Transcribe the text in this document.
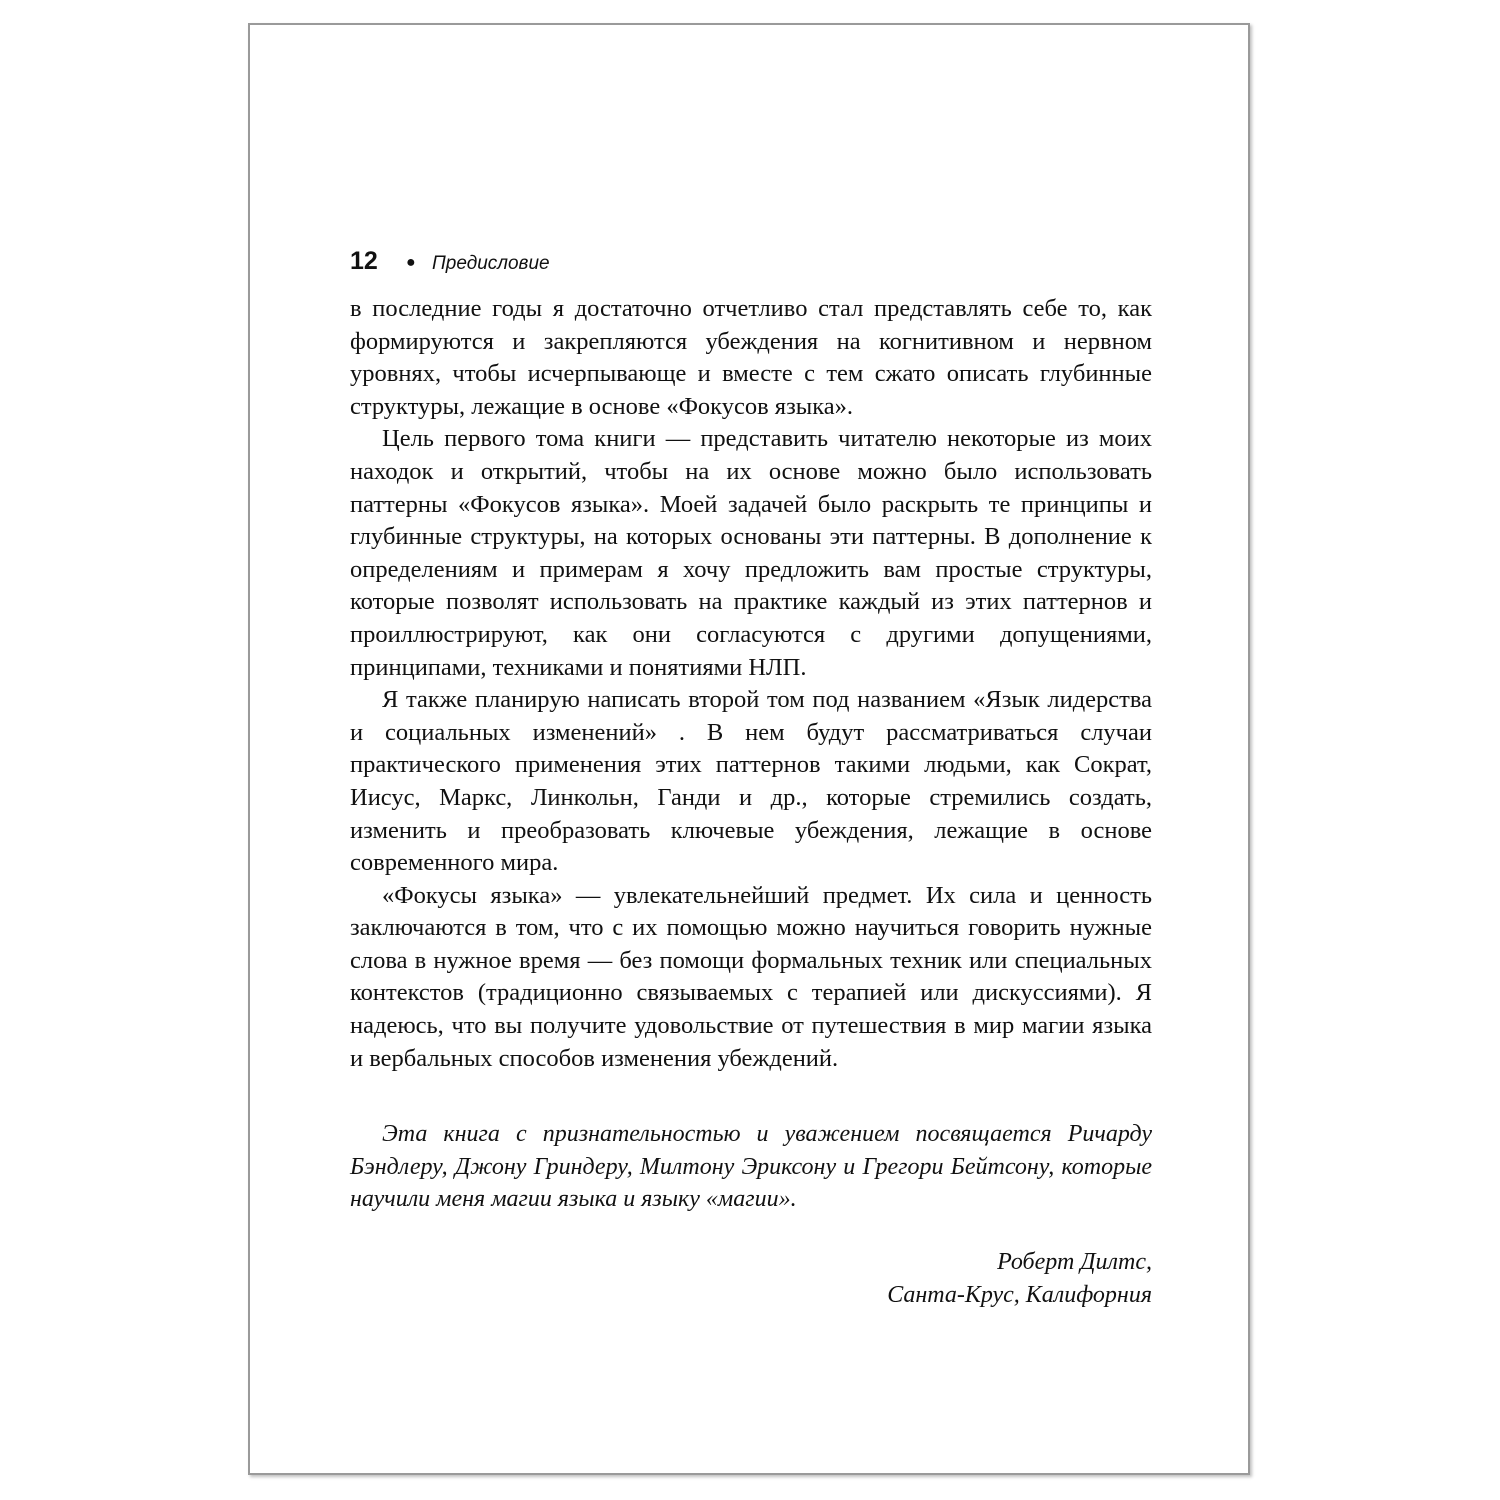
12	● Предисловие

в последние годы я достаточно отчетливо стал представлять себе то, как формируются и закрепляются убеждения на когнитивном и нервном уровнях, чтобы исчерпывающе и вместе с тем сжато описать глубинные структуры, лежащие в основе «Фокусов языка».

Цель первого тома книги — представить читателю некоторые из моих находок и открытий, чтобы на их основе можно было использовать паттерны «Фокусов языка». Моей задачей было раскрыть те принципы и глубинные структуры, на которых основаны эти паттерны. В дополнение к определениям и примерам я хочу предложить вам простые структуры, которые позволят использовать на практике каждый из этих паттернов и проиллюстрируют, как они согласуются с другими допущениями, принципами, техниками и понятиями НЛП.

Я также планирую написать второй том под названием «Язык лидерства и социальных изменений» . В нем будут рассматриваться случаи практического применения этих паттернов такими людьми, как Сократ, Иисус, Маркс, Линкольн, Ганди и др., которые стремились создать, изменить и преобразовать ключевые убеждения, лежащие в основе современного мира.

«Фокусы языка» — увлекательнейший предмет. Их сила и ценность заключаются в том, что с их помощью можно научиться говорить нужные слова в нужное время — без помощи формальных техник или специальных контекстов (традиционно связываемых с терапией или дискуссиями). Я надеюсь, что вы получите удовольствие от путешествия в мир магии языка и вербальных способов изменения убеждений.

Эта книга с признательностью и уважением посвящается Ричарду Бэндлеру, Джону Гриндеру, Милтону Эриксону и Грегори Бейтсону, которые научили меня магии языка и языку «магии».

Роберт Дилтс,
Санта-Крус, Калифорния
